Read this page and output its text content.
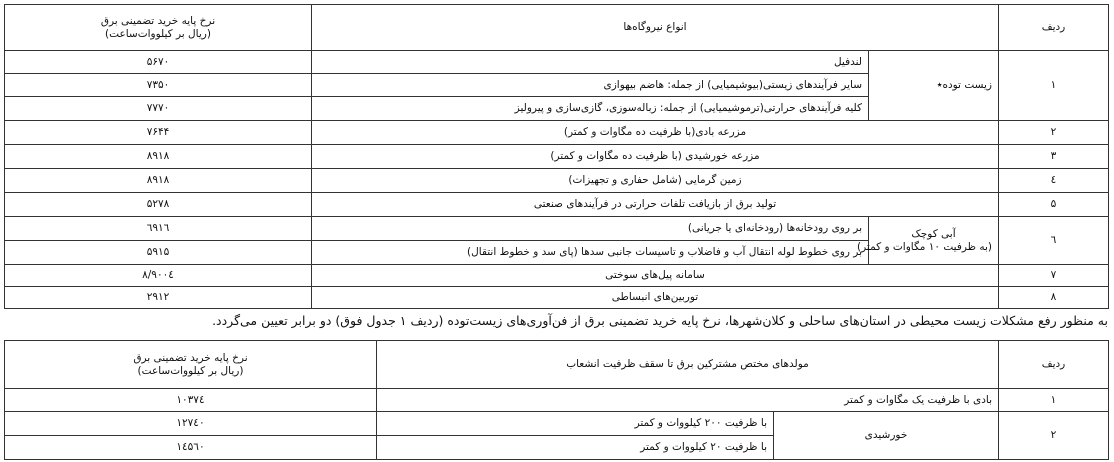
ردیف	انواع نیروگاه‌ها		نرخ پایه خرید تضمینی برق
(ریال بر کیلووات‌ساعت)

۱	زیست توده٭	لندفیل	۵۶۷۰
		سایر فرآیندهای زیستی(بیوشیمیایی) از جمله: هاضم بیهوازی	۷۳۵۰
		کلیه فرآیندهای حرارتی(ترموشیمیایی) از جمله: زباله‌سوزی، گازی‌سازی و پیرولیز	۷۷۷۰
۲	مزرعه بادی(با ظرفیت ده مگاوات و کمتر)		۷۶۴۴
۳	مزرعه خورشیدی (با ظرفیت ده مگاوات و کمتر)		۸۹۱۸
٤	زمین گرمایی (شامل حفاری و تجهیزات)		۸۹۱۸
۵	تولید برق از بازیافت تلفات حرارتی در فرآیندهای صنعتی		۵۲۷۸
٦	آبی کوچک
(به ظرفیت ۱۰ مگاوات و کمتر)	بر روی رودخانه‌ها (رودخانه‌ای یا جریانی)	٦۹۱٦
		بر روی خطوط لوله انتقال آب و فاضلاب و تاسیسات جانبی سدها (پای سد و خطوط انتقال)	۵۹۱۵
۷	سامانه پیل‌های سوختی		۸/۹۰۰٤
۸	توربین‌های انبساطی		۲۹۱۲
به منظور رفع مشکلات زیست محیطی در استان‌های ساحلی و کلان‌شهرها، نرخ پایه خرید تضمینی برق از فن‌آوری‌های زیست‌توده (ردیف ۱ جدول فوق) دو برابر تعیین می‌گردد.
ردیف	مولدهای مختص مشترکین برق تا سقف ظرفیت انشعاب		نرخ پایه خرید تضمینی برق
(ریال بر کیلووات‌ساعت)

۱	بادی با ظرفیت یک مگاوات و کمتر		۱۰۳۷٤
۲	خورشیدی	با ظرفیت ۲۰۰ کیلووات و کمتر	۱۲۷٤۰
		با ظرفیت ۲۰ کیلووات و کمتر	۱٤۵٦۰
